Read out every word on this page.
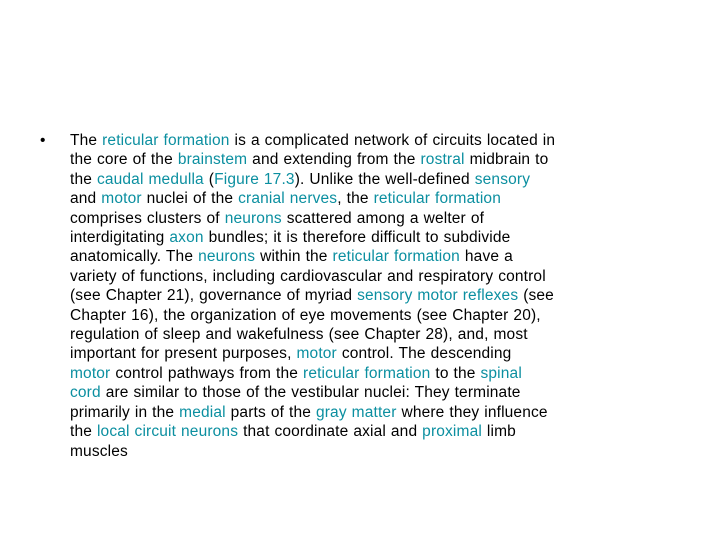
•	The reticular formation is a complicated network of circuits located in
the core of the brainstem and extending from the rostral midbrain to
the caudal medulla (Figure 17.3). Unlike the well-defined sensory
and motor nuclei of the cranial nerves, the reticular formation
comprises clusters of neurons scattered among a welter of
interdigitating axon bundles; it is therefore difficult to subdivide
anatomically. The neurons within the reticular formation have a
variety of functions, including cardiovascular and respiratory control
(see Chapter 21), governance of myriad sensory motor reflexes (see
Chapter 16), the organization of eye movements (see Chapter 20),
regulation of sleep and wakefulness (see Chapter 28), and, most
important for present purposes, motor control. The descending
motor control pathways from the reticular formation to the spinal
cord are similar to those of the vestibular nuclei: They terminate
primarily in the medial parts of the gray matter where they influence
the local circuit neurons that coordinate axial and proximal limb
muscles
